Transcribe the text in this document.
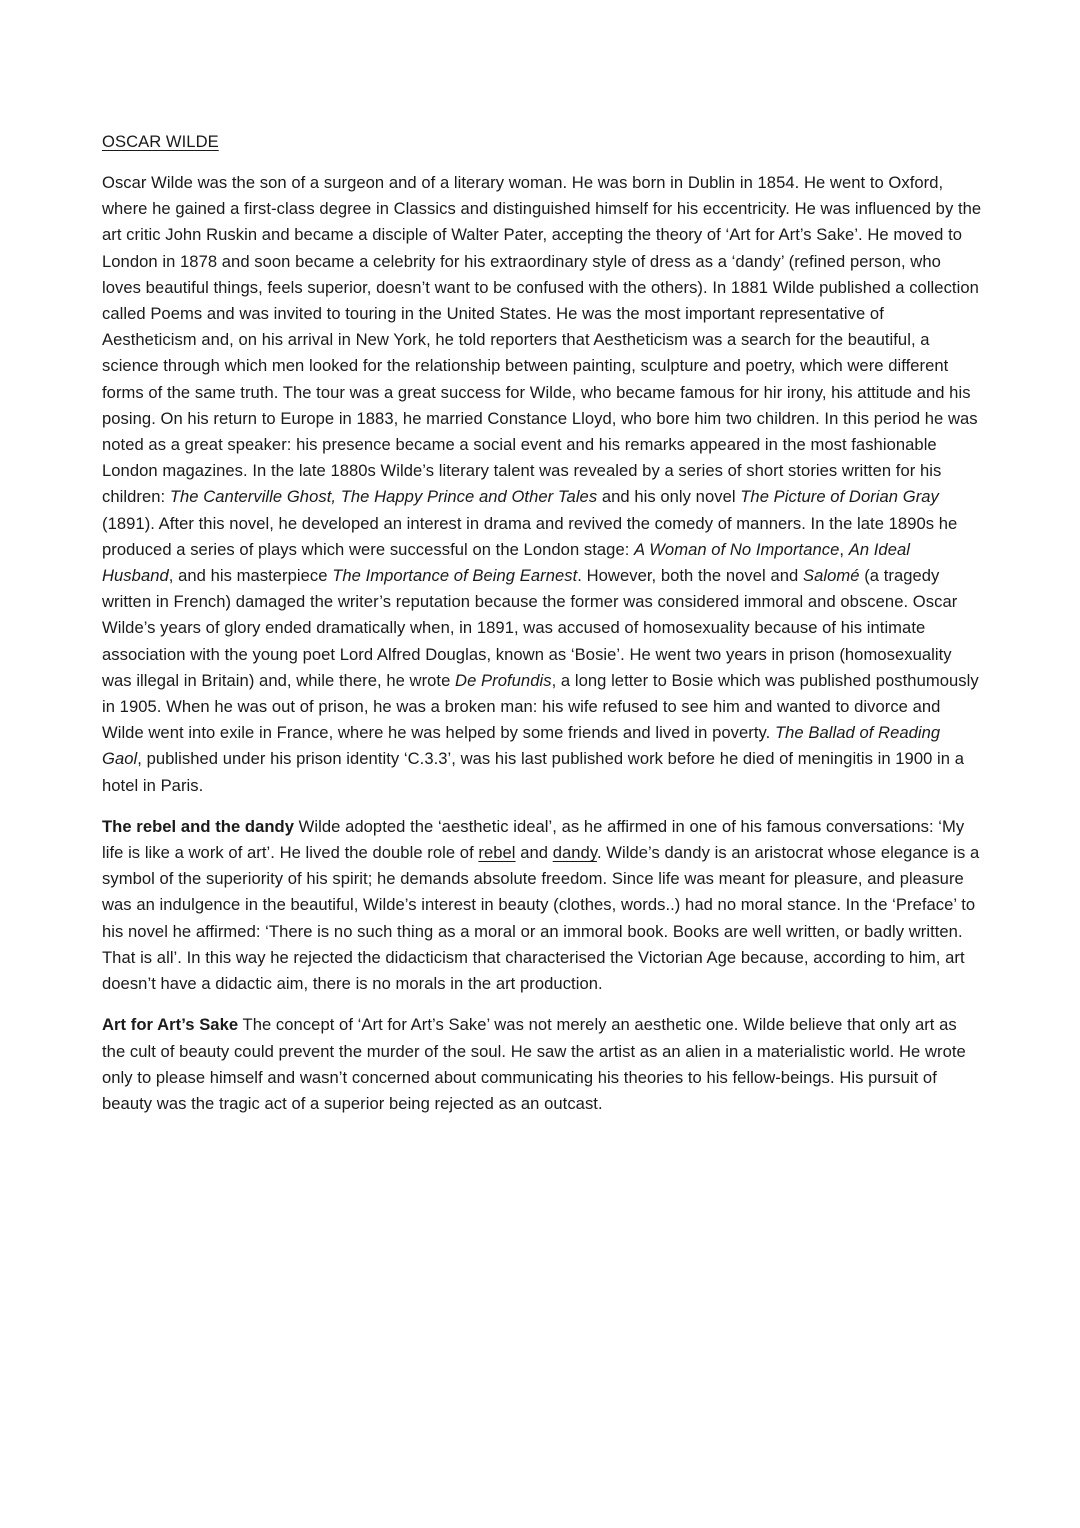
OSCAR WILDE

Oscar Wilde was the son of a surgeon and of a literary woman. He was born in Dublin in 1854. He went to Oxford, where he gained a first-class degree in Classics and distinguished himself for his eccentricity. He was influenced by the art critic John Ruskin and became a disciple of Walter Pater, accepting the theory of ‘Art for Art’s Sake’. He moved to London in 1878 and soon became a celebrity for his extraordinary style of dress as a ‘dandy’ (refined person, who loves beautiful things, feels superior, doesn’t want to be confused with the others). In 1881 Wilde published a collection called Poems and was invited to touring in the United States. He was the most important representative of Aestheticism and, on his arrival in New York, he told reporters that Aestheticism was a search for the beautiful, a science through which men looked for the relationship between painting, sculpture and poetry, which were different forms of the same truth. The tour was a great success for Wilde, who became famous for hir irony, his attitude and his posing. On his return to Europe in 1883, he married Constance Lloyd, who bore him two children. In this period he was noted as a great speaker: his presence became a social event and his remarks appeared in the most fashionable London magazines. In the late 1880s Wilde’s literary talent was revealed by a series of short stories written for his children: The Canterville Ghost, The Happy Prince and Other Tales and his only novel The Picture of Dorian Gray (1891). After this novel, he developed an interest in drama and revived the comedy of manners. In the late 1890s he produced a series of plays which were successful on the London stage: A Woman of No Importance, An Ideal Husband, and his masterpiece The Importance of Being Earnest. However, both the novel and Salomé (a tragedy written in French) damaged the writer’s reputation because the former was considered immoral and obscene. Oscar Wilde’s years of glory ended dramatically when, in 1891, was accused of homosexuality because of his intimate association with the young poet Lord Alfred Douglas, known as ‘Bosie’. He went two years in prison (homosexuality was illegal in Britain) and, while there, he wrote De Profundis, a long letter to Bosie which was published posthumously in 1905. When he was out of prison, he was a broken man: his wife refused to see him and wanted to divorce and Wilde went into exile in France, where he was helped by some friends and lived in poverty. The Ballad of Reading Gaol, published under his prison identity ‘C.3.3’, was his last published work before he died of meningitis in 1900 in a hotel in Paris.

The rebel and the dandy Wilde adopted the ‘aesthetic ideal’, as he affirmed in one of his famous conversations: ‘My life is like a work of art’. He lived the double role of rebel and dandy. Wilde’s dandy is an aristocrat whose elegance is a symbol of the superiority of his spirit; he demands absolute freedom. Since life was meant for pleasure, and pleasure was an indulgence in the beautiful, Wilde’s interest in beauty (clothes, words..) had no moral stance. In the ‘Preface’ to his novel he affirmed: ‘There is no such thing as a moral or an immoral book. Books are well written, or badly written. That is all’. In this way he rejected the didacticism that characterised the Victorian Age because, according to him, art doesn’t have a didactic aim, there is no morals in the art production.

Art for Art’s Sake The concept of ‘Art for Art’s Sake’ was not merely an aesthetic one. Wilde believe that only art as the cult of beauty could prevent the murder of the soul. He saw the artist as an alien in a materialistic world. He wrote only to please himself and wasn’t concerned about communicating his theories to his fellow-beings. His pursuit of beauty was the tragic act of a superior being rejected as an outcast.
